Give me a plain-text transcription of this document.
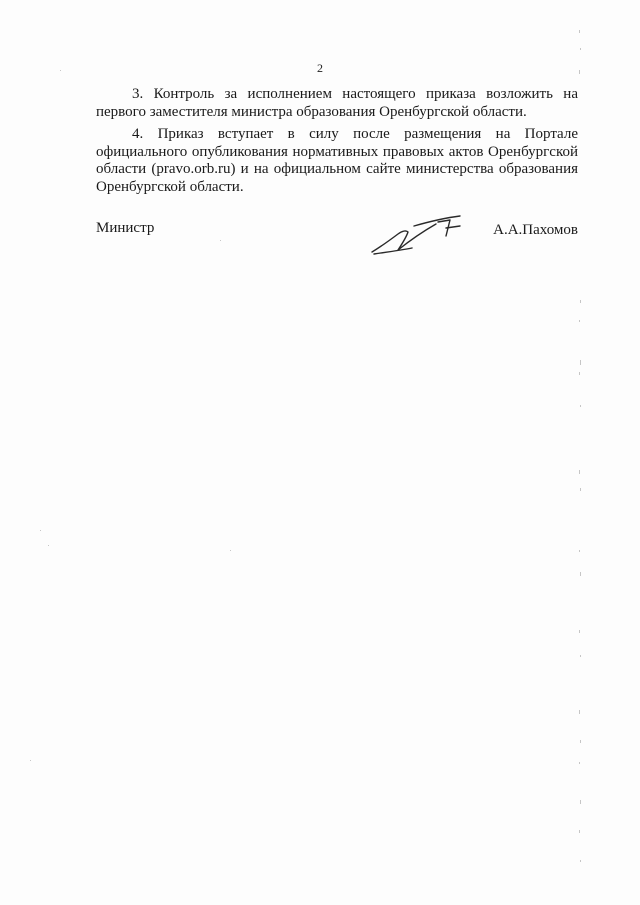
2

3. Контроль за исполнением настоящего приказа возложить на первого заместителя министра образования Оренбургской области.

4. Приказ вступает в силу после размещения на Портале официального опубликования нормативных правовых актов Оренбургской области (pravo.orb.ru) и на официальном сайте министерства образования Оренбургской области.

Министр	А.А.Пахомов
